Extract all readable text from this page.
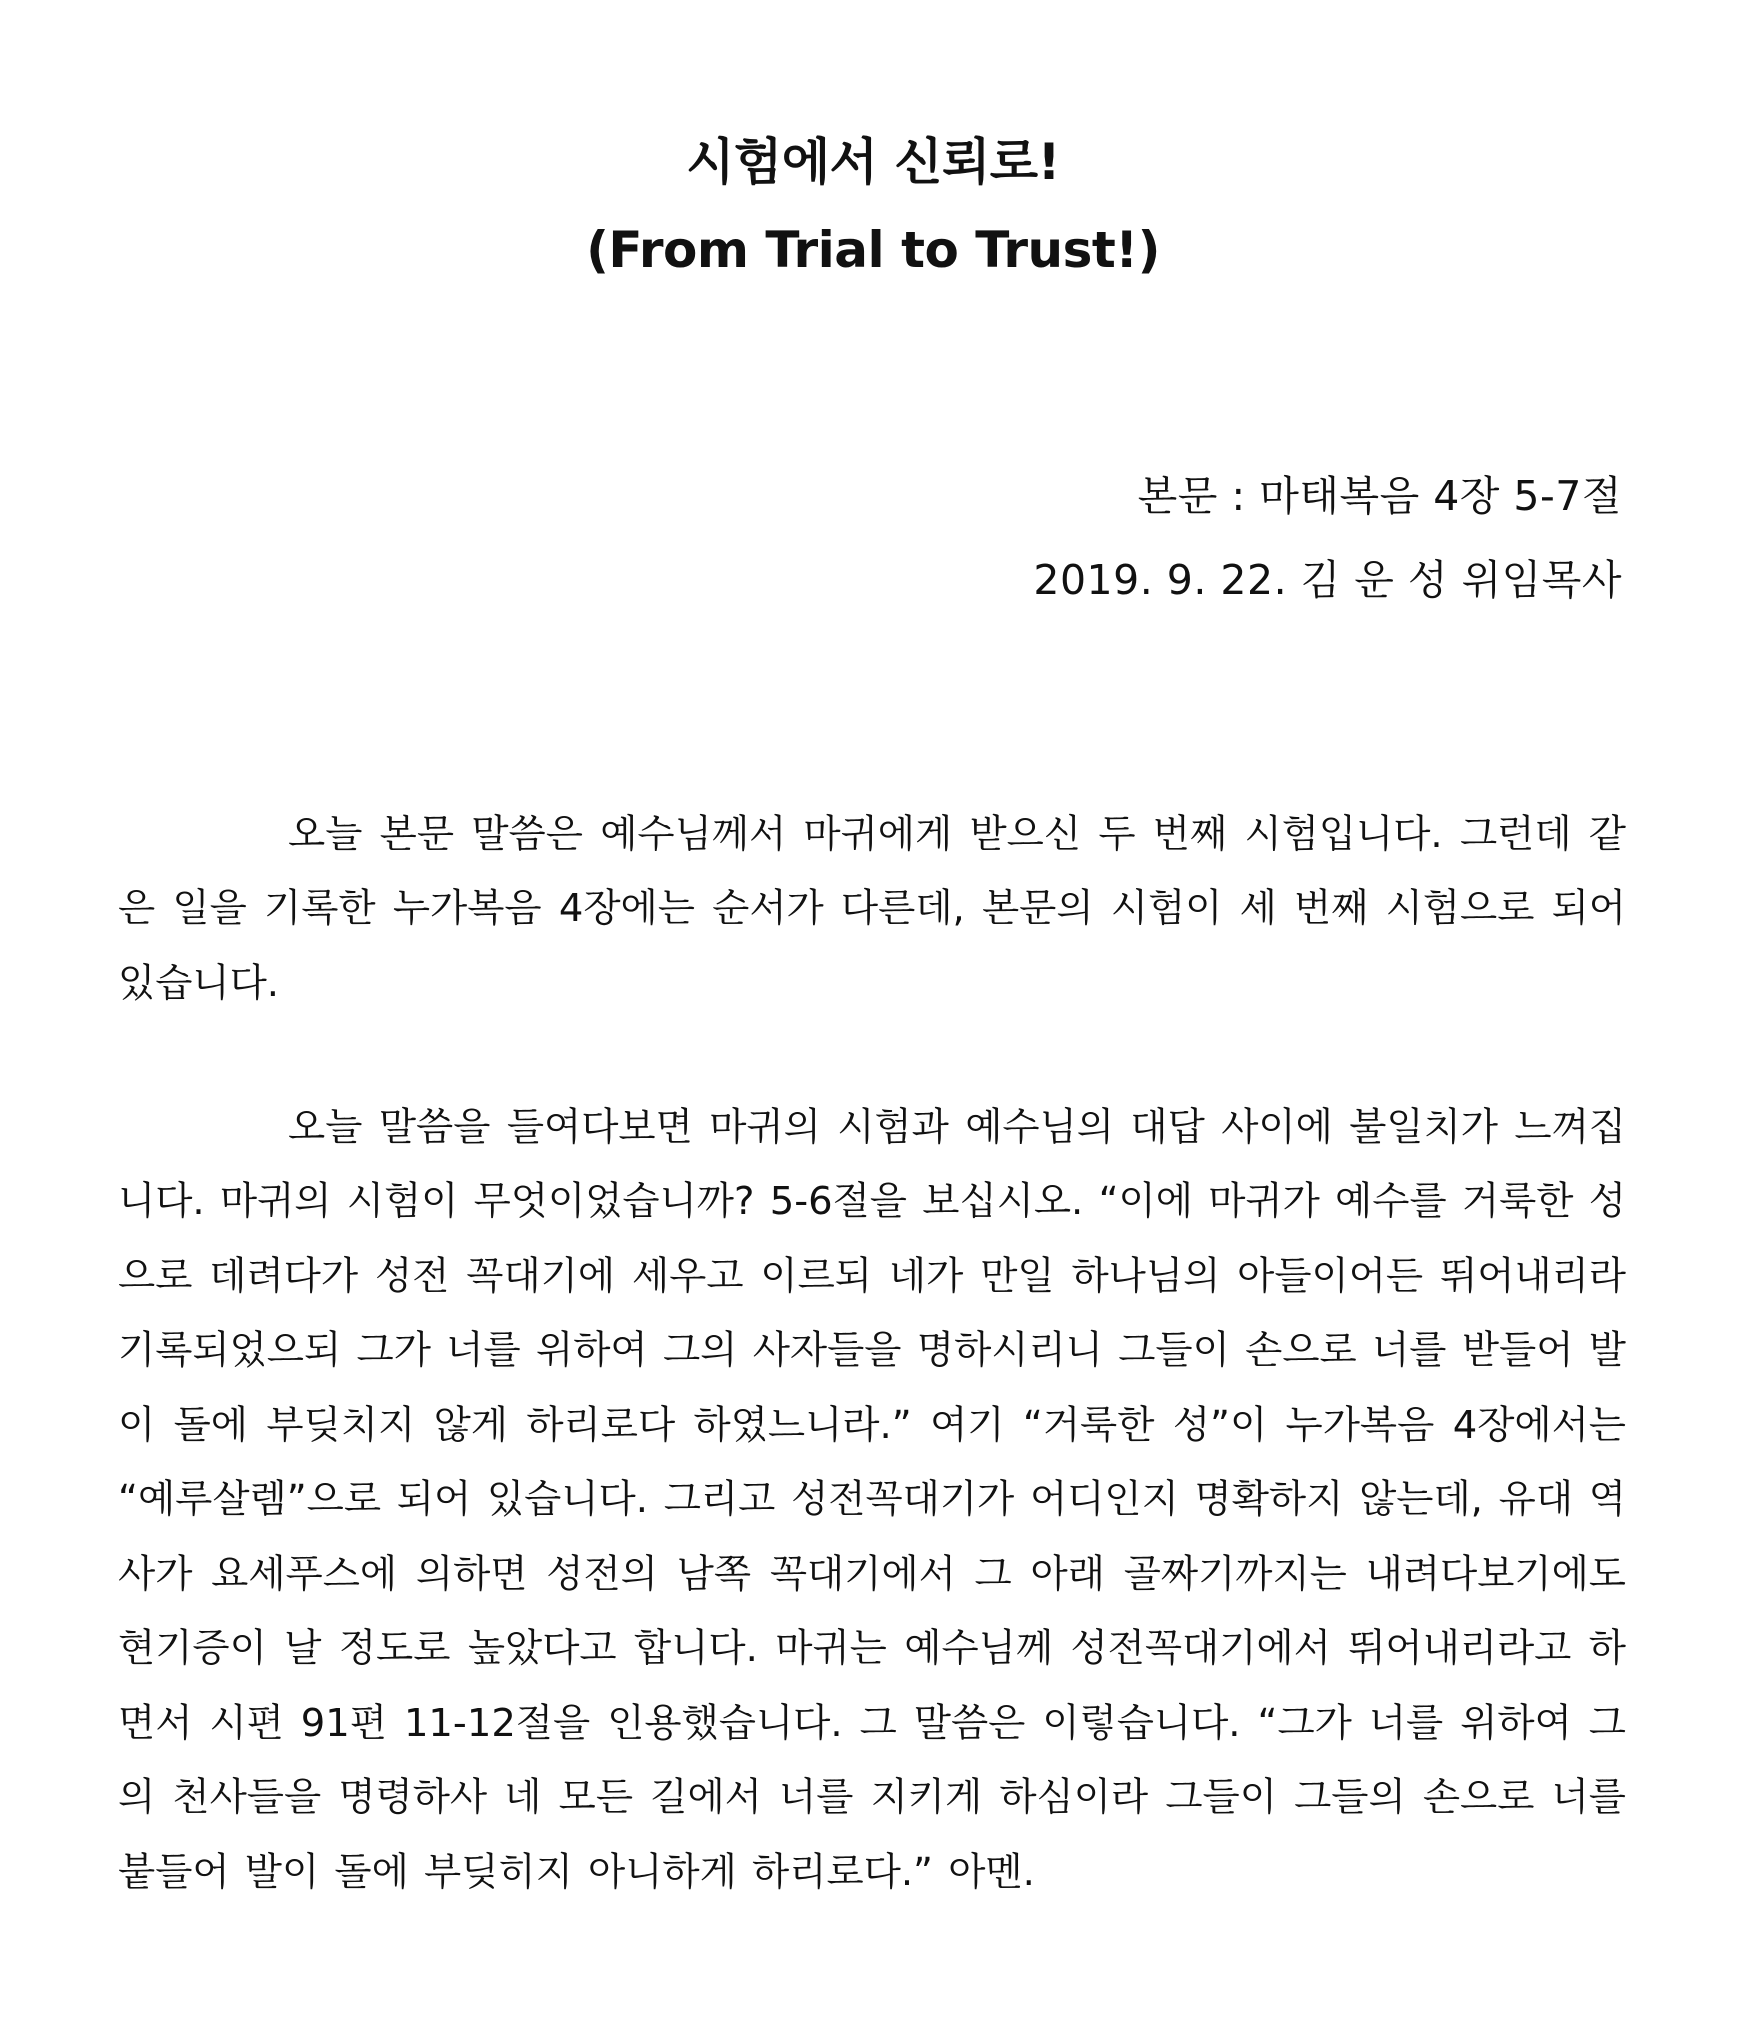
시험에서 신뢰로!
(From Trial to Trust!)
본문 : 마태복음 4장 5-7절
2019. 9. 22. 김 운 성 위임목사

오늘 본문 말씀은 예수님께서 마귀에게 받으신 두 번째 시험입니다. 그런데 같은 일을 기록한 누가복음 4장에는 순서가 다른데, 본문의 시험이 세 번째 시험으로 되어 있습니다.

오늘 말씀을 들여다보면 마귀의 시험과 예수님의 대답 사이에 불일치가 느껴집니다. 마귀의 시험이 무엇이었습니까? 5-6절을 보십시오. “이에 마귀가 예수를 거룩한 성으로 데려다가 성전 꼭대기에 세우고 이르되 네가 만일 하나님의 아들이어든 뛰어내리라 기록되었으되 그가 너를 위하여 그의 사자들을 명하시리니 그들이 손으로 너를 받들어 발이 돌에 부딪치지 않게 하리로다 하였느니라.” 여기 “거룩한 성”이 누가복음 4장에서는 “예루살렘”으로 되어 있습니다. 그리고 성전꼭대기가 어디인지 명확하지 않는데, 유대 역사가 요세푸스에 의하면 성전의 남쪽 꼭대기에서 그 아래 골짜기까지는 내려다보기에도 현기증이 날 정도로 높았다고 합니다. 마귀는 예수님께 성전꼭대기에서 뛰어내리라고 하면서 시편 91편 11-12절을 인용했습니다. 그 말씀은 이렇습니다. “그가 너를 위하여 그의 천사들을 명령하사 네 모든 길에서 너를 지키게 하심이라 그들이 그들의 손으로 너를 붙들어 발이 돌에 부딪히지 아니하게 하리로다.” 아멘.
